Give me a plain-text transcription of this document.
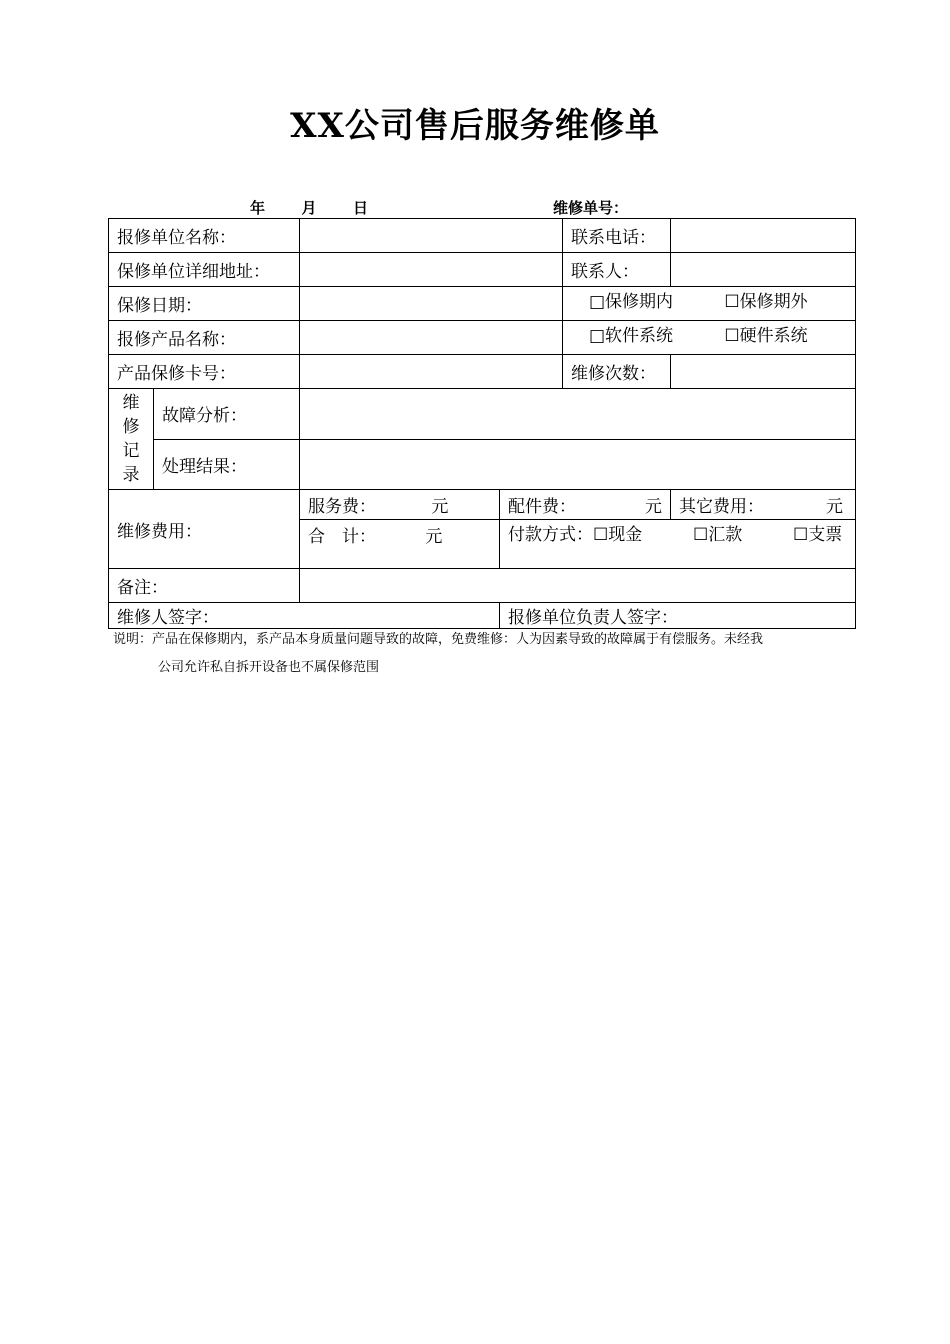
XX公司售后服务维修单
年 月 日	维修单号：
报修单位名称：				联系电话：	
保修单位详细地址：				联系人：	
保修日期：				□保修期内 ☐保修期外	
报修产品名称：				□软件系统 ☐硬件系统	
产品保修卡号：				维修次数：	

维
修
记
录	故障分析：				
	处理结果：				
维修费用：		服务费： 元	配件费： 元		其它费用： 元

		合　计： 元	付款方式：☐现金 ☐汇款 ☐支票		
备注：					
维修人签字：			报修单位负责人签字：		
说明：产品在保修期内，系产品本身质量问题导致的故障，免费维修：人为因素导致的故障属于有偿服务。未经我
公司允许私自拆开设备也不属保修范围
